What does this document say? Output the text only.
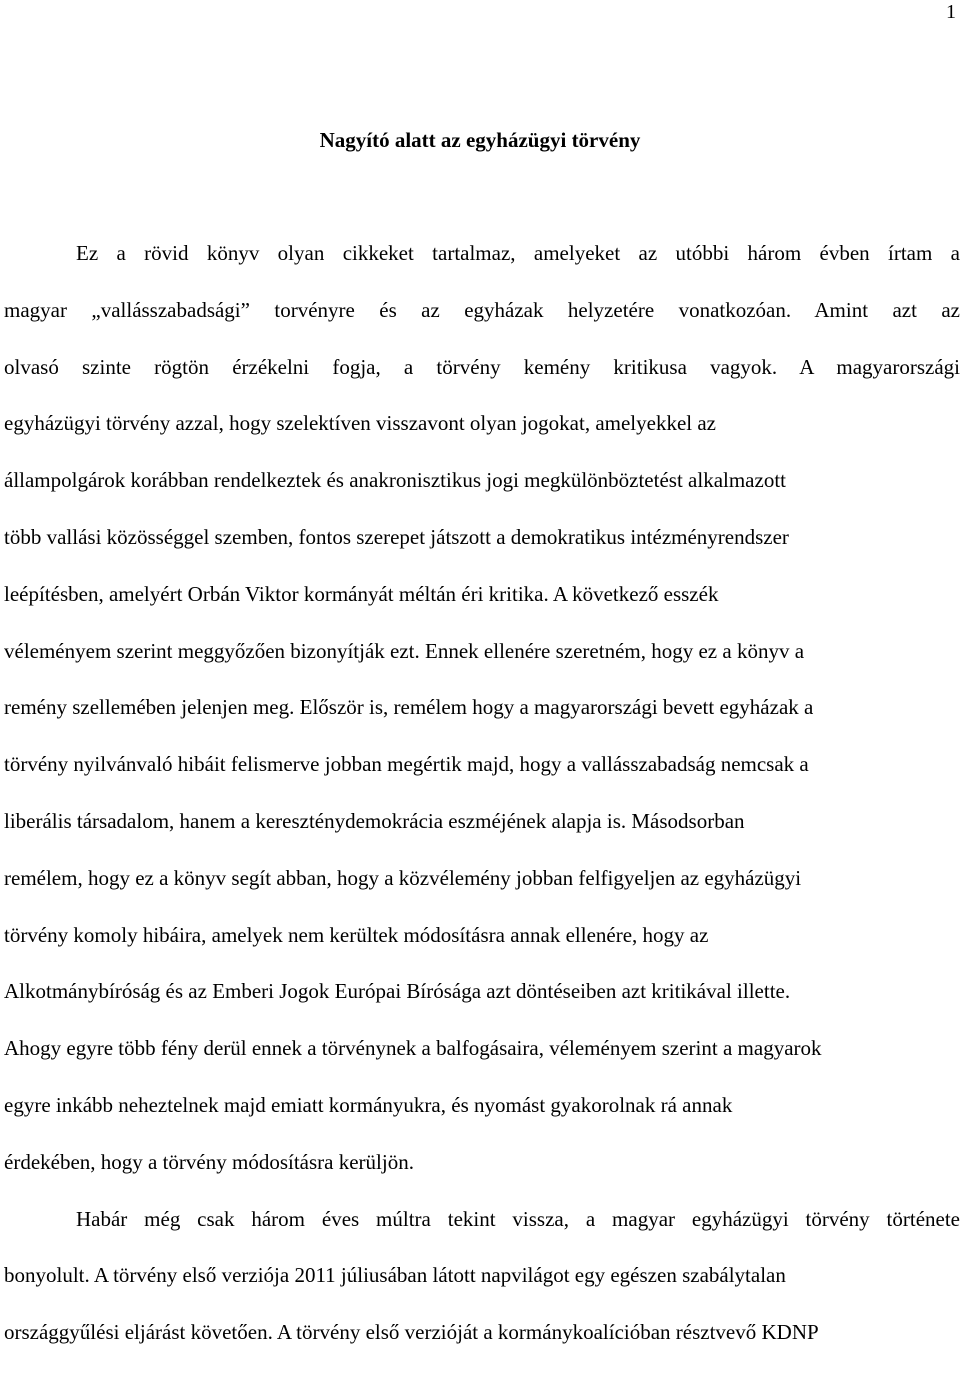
1
Nagyító alatt az egyházügyi törvény
Ez a rövid könyv olyan cikkeket tartalmaz, amelyeket az utóbbi három évben írtam a
magyar „vallásszabadsági” torvényre és az egyházak helyzetére vonatkozóan. Amint azt az
olvasó szinte rögtön érzékelni fogja, a törvény kemény kritikusa vagyok. A magyarországi
egyházügyi törvény azzal, hogy szelektíven visszavont olyan jogokat, amelyekkel az
állampolgárok korábban rendelkeztek és anakronisztikus jogi megkülönböztetést alkalmazott
több vallási közösséggel szemben, fontos szerepet játszott a demokratikus intézményrendszer
leépítésben, amelyért Orbán Viktor kormányát méltán éri kritika. A következő esszék
véleményem szerint meggyőzően bizonyítják ezt. Ennek ellenére szeretném, hogy ez a könyv a
remény szellemében jelenjen meg. Először is, remélem hogy a magyarországi bevett egyházak a
törvény nyilvánvaló hibáit felismerve jobban megértik majd, hogy a vallásszabadság nemcsak a
liberális társadalom, hanem a kereszténydemokrácia eszméjének alapja is. Másodsorban
remélem, hogy ez a könyv segít abban, hogy a közvélemény jobban felfigyeljen az egyházügyi
törvény komoly hibáira, amelyek nem kerültek módosításra annak ellenére, hogy az
Alkotmánybíróság és az Emberi Jogok Európai Bírósága azt döntéseiben azt kritikával illette.
Ahogy egyre több fény derül ennek a törvénynek a balfogásaira, véleményem szerint a magyarok
egyre inkább neheztelnek majd emiatt kormányukra, és nyomást gyakorolnak rá annak
érdekében, hogy a törvény módosításra kerüljön.
Habár még csak három éves múltra tekint vissza, a magyar egyházügyi törvény története
bonyolult. A törvény első verziója 2011 júliusában látott napvilágot egy egészen szabálytalan
országgyűlési eljárást követően. A törvény első verzióját a kormánykoalícióban résztvevő KDNP
